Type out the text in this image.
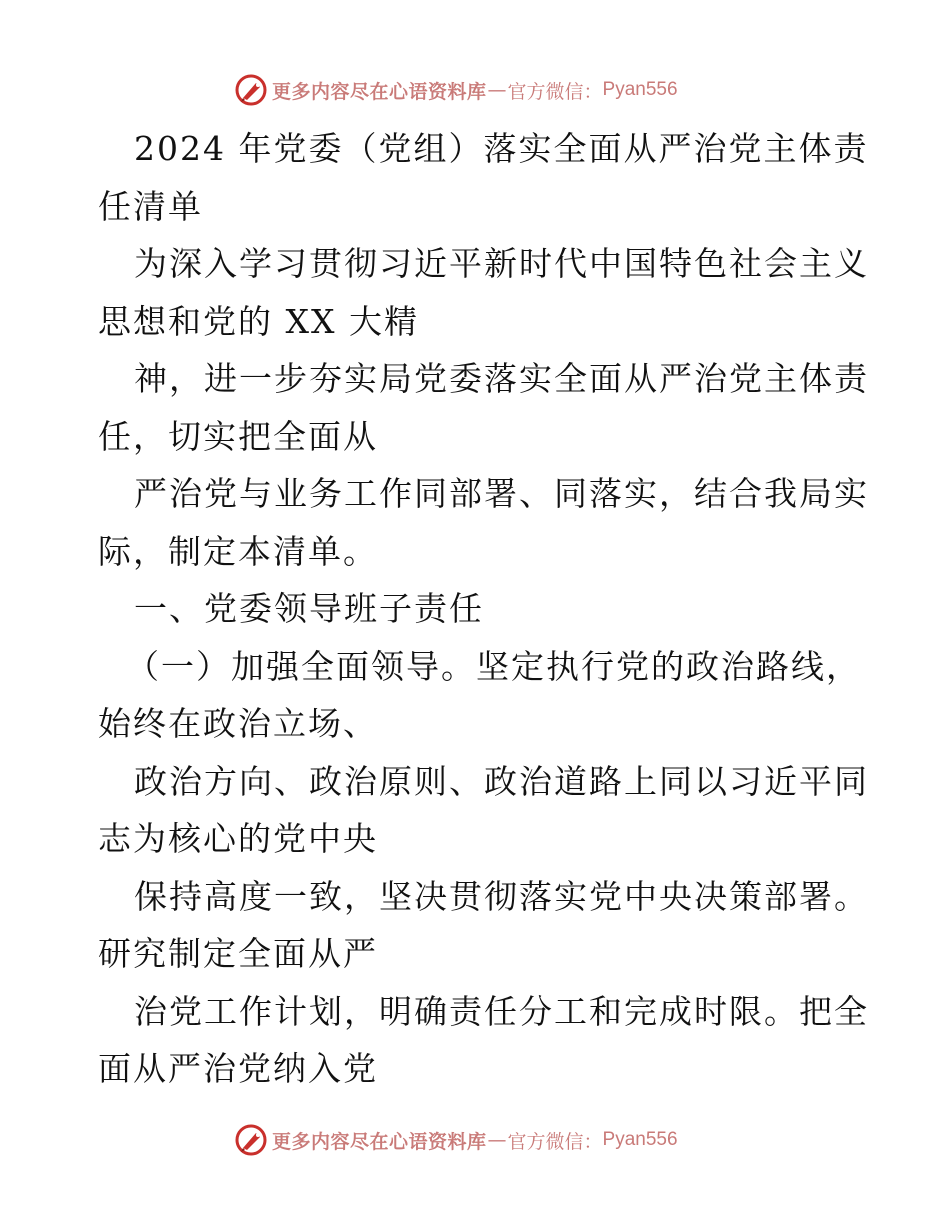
更多内容尽在心语资料库 — 官方微信： Pyan556
2024 年党委（党组）落实全面从严治党主体责
任清单
为深入学习贯彻习近平新时代中国特色社会主义
思想和党的 XX 大精
神，进一步夯实局党委落实全面从严治党主体责
任，切实把全面从
严治党与业务工作同部署、同落实，结合我局实
际，制定本清单。
一、党委领导班子责任
（一）加强全面领导。坚定执行党的政治路线，
始终在政治立场、
政治方向、政治原则、政治道路上同以习近平同
志为核心的党中央
保持高度一致，坚决贯彻落实党中央决策部署。
研究制定全面从严
治党工作计划，明确责任分工和完成时限。把全
面从严治党纳入党
更多内容尽在心语资料库 — 官方微信： Pyan556
